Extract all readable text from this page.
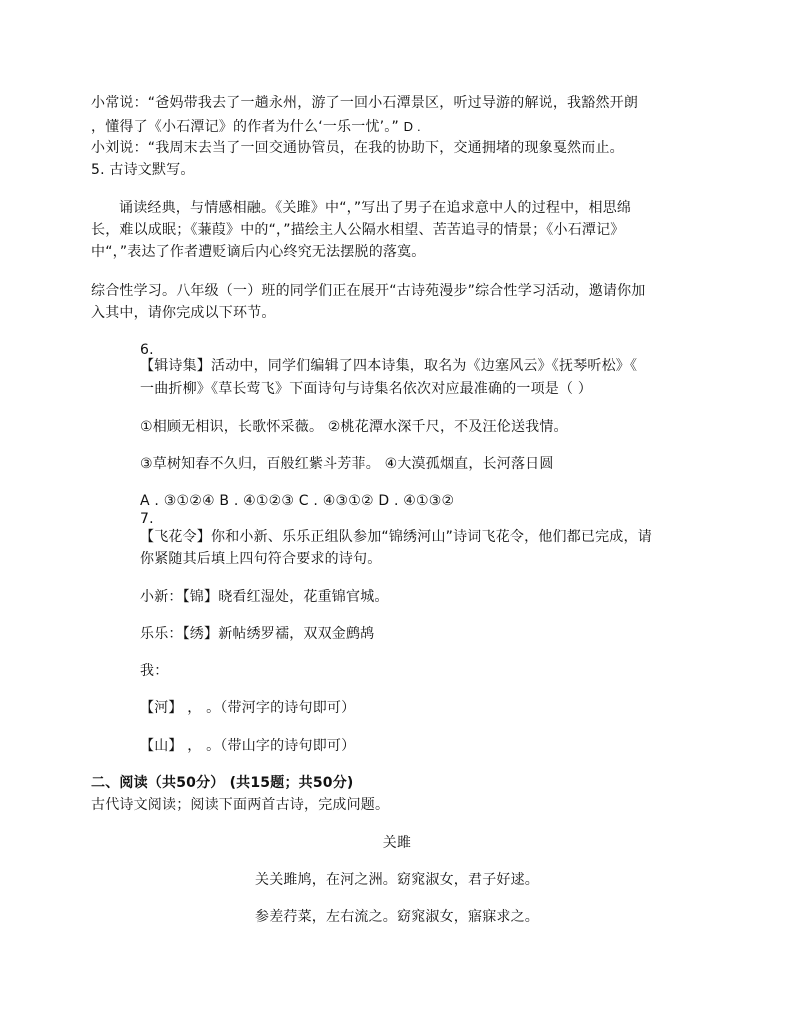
小常说：“爸妈带我去了一趟永州，游了一回小石潭景区，听过导游的解说，我豁然开朗
，懂得了《小石潭记》的作者为什么‘一乐一忧’。” D .
小刘说：“我周末去当了一回交通协管员，在我的协助下，交通拥堵的现象戛然而止。
5. 古诗文默写。
诵读经典，与情感相融。《关雎》中“，”写出了男子在追求意中人的过程中，相思绵
长，难以成眠；《蒹葭》中的“，”描绘主人公隔水相望、苦苦追寻的情景；《小石潭记》
中“，”表达了作者遭贬谪后内心终究无法摆脱的落寞。
综合性学习。八年级（一）班的同学们正在展开“古诗苑漫步”综合性学习活动，邀请你加
入其中，请你完成以下环节。
6.
【辑诗集】活动中，同学们编辑了四本诗集，取名为《边塞风云》《抚琴听松》《
一曲折柳》《草长莺飞》下面诗句与诗集名依次对应最准确的一项是（ ）
①相顾无相识，长歌怀采薇。 ②桃花潭水深千尺，不及汪伦送我情。
③草树知春不久归，百般红紫斗芳菲。 ④大漠孤烟直，长河落日圆
A . ③①②④ B . ④①②③ C . ④③①② D . ④①③②
7.
【飞花令】你和小新、乐乐正组队参加“锦绣河山”诗词飞花令，他们都已完成，请
你紧随其后填上四句符合要求的诗句。
小新：【锦】晓看红湿处，花重锦官城。
乐乐：【绣】新帖绣罗襦，双双金鹧鸪
我：
【河】 ， 。（带河字的诗句即可）
【山】 ， 。（带山字的诗句即可）
二、阅读（共50分） (共15题；共50分)
古代诗文阅读；阅读下面两首古诗，完成问题。
关雎
关关雎鸠，在河之洲。窈窕淑女，君子好逑。
参差荇菜，左右流之。窈窕淑女，寤寐求之。
